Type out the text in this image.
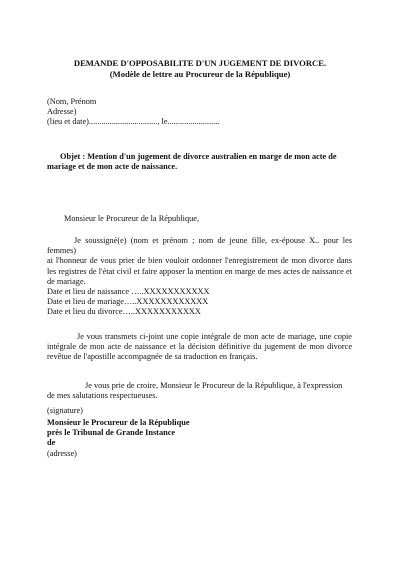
DEMANDE D'OPPOSABILITE D'UN JUGEMENT DE DIVORCE.
(Modèle de lettre au Procureur de la République)
(Nom, Prénom
Adresse)
(lieu et date)................................., le.........................
Objet : Mention d'un jugement de divorce australien en marge de mon acte de mariage et de mon acte de naissance.
Monsieur le Procureur de la République,
Je soussigné(e) (nom et prénom ; nom de jeune fille, ex-épouse X.. pour les femmes)
ai l'honneur de vous prier de bien vouloir ordonner l'enregistrement de mon divorce dans les registres de l'état civil et faire apposer la mention en marge de mes actes de naissance et de mariage.
Date et lieu de naissance …..XXXXXXXXXXX
Date et lieu de mariage…..XXXXXXXXXXXX
Date et lieu du divorce…..XXXXXXXXXXX
Je vous transmets ci-joint une copie intégrale de mon acte de mariage, une copie intégrale de mon acte de naissance et la décision définitive du jugement de mon divorce revêtue de l'apostille accompagnée de sa traduction en français.
Je vous prie de croire, Monsieur le Procureur de la République, à l'expression de mes salutations respectueuses.
(signature)
Monsieur le Procureur de la République
près le Tribunal de Grande Instance
de
(adresse)
